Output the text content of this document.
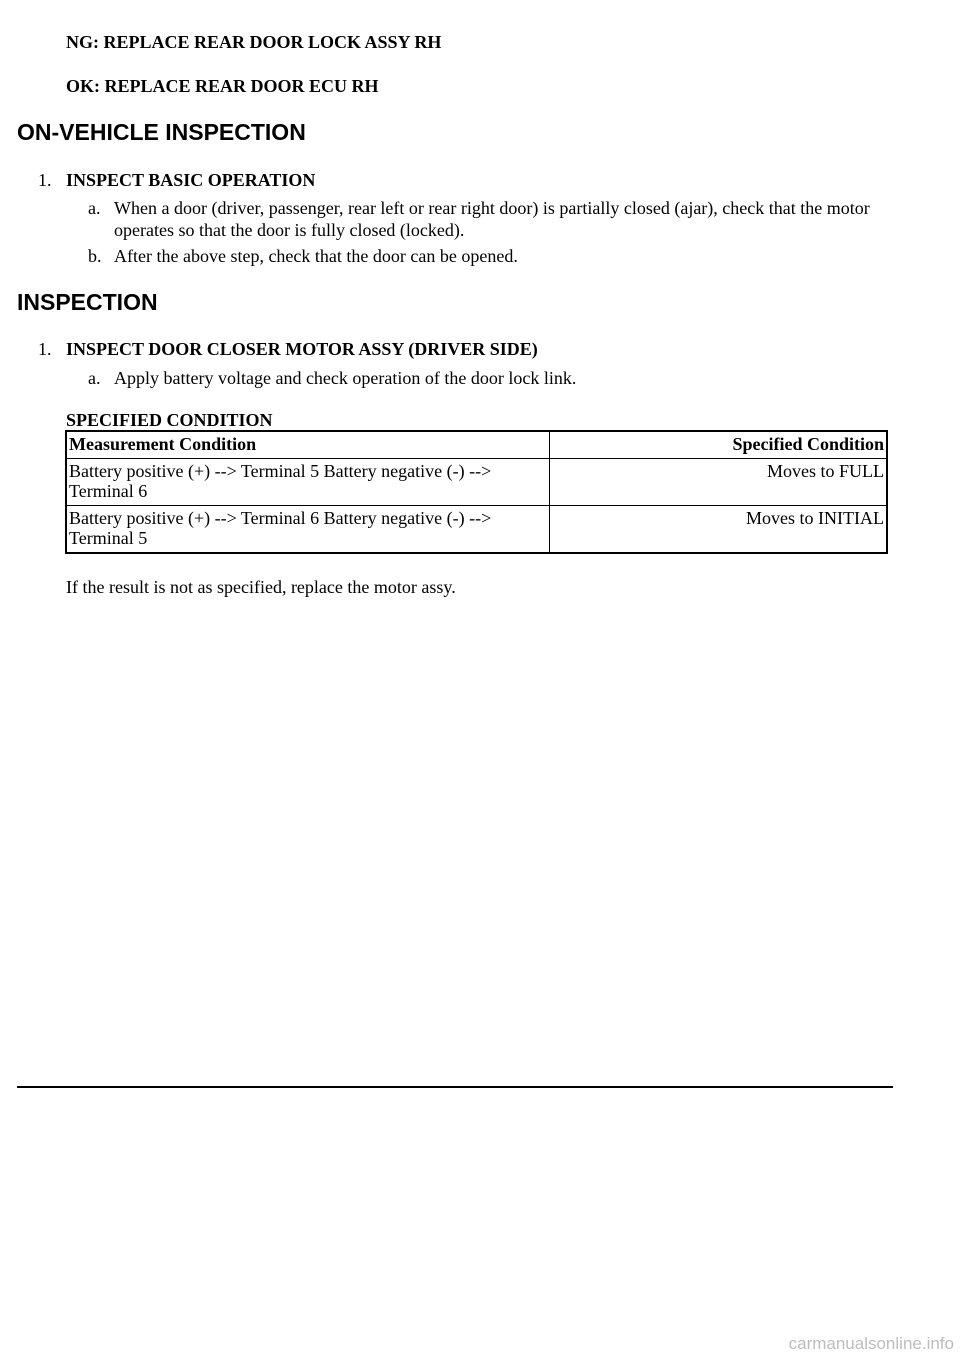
NG: REPLACE REAR DOOR LOCK ASSY RH
OK: REPLACE REAR DOOR ECU RH
ON-VEHICLE INSPECTION
1. INSPECT BASIC OPERATION
a. When a door (driver, passenger, rear left or rear right door) is partially closed (ajar), check that the motor operates so that the door is fully closed (locked).
b. After the above step, check that the door can be opened.
INSPECTION
1. INSPECT DOOR CLOSER MOTOR ASSY (DRIVER SIDE)
a. Apply battery voltage and check operation of the door lock link.
SPECIFIED CONDITION
Measurement Condition	Specified Condition
Battery positive (+) --> Terminal 5 Battery negative (-) --> Terminal 6	Moves to FULL
Battery positive (+) --> Terminal 6 Battery negative (-) --> Terminal 5	Moves to INITIAL
If the result is not as specified, replace the motor assy.
carmanualsonline.info
